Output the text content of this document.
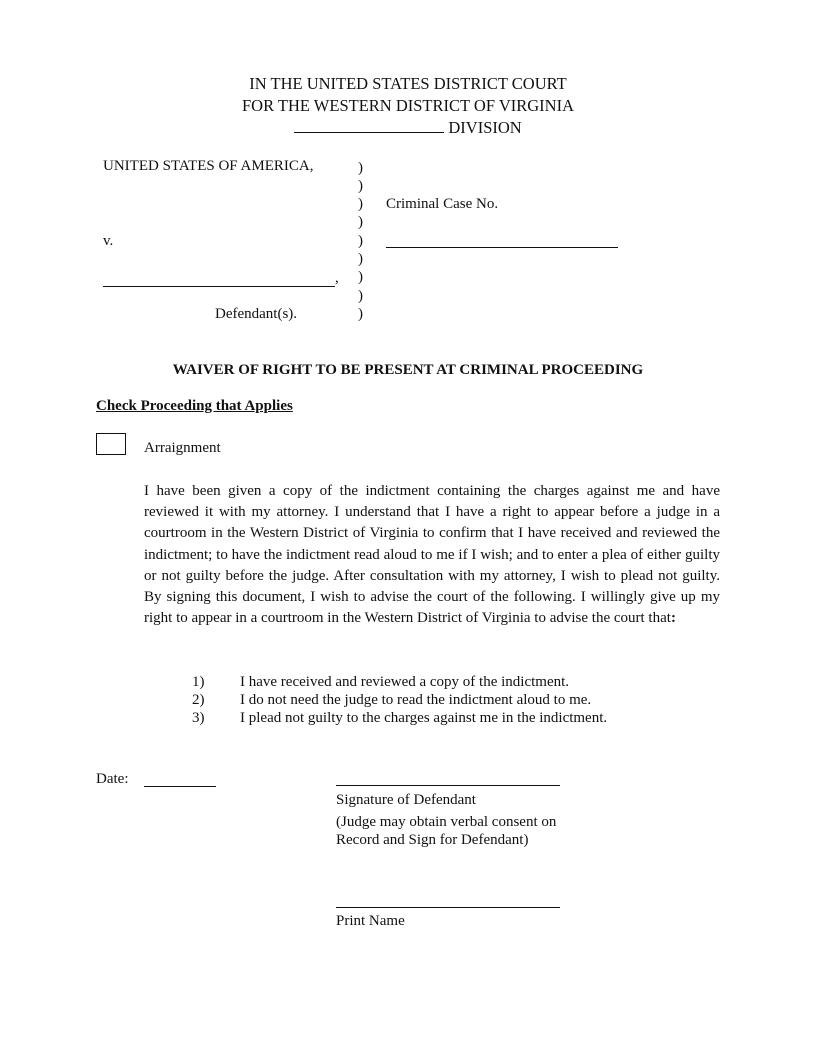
IN THE UNITED STATES DISTRICT COURT
FOR THE WESTERN DISTRICT OF VIRGINIA
DIVISION
UNITED STATES OF AMERICA,
v.
,
Defendant(s).
)
)
)
)
)
)
)
)
)
Criminal Case No.
WAIVER OF RIGHT TO BE PRESENT AT CRIMINAL PROCEEDING
Check Proceeding that Applies
Arraignment
I have been given a copy of the indictment containing the charges against me and have reviewed it with my attorney. I understand that I have a right to appear before a judge in a courtroom in the Western District of Virginia to confirm that I have received and reviewed the indictment; to have the indictment read aloud to me if I wish; and to enter a plea of either guilty or not guilty before the judge. After consultation with my attorney, I wish to plead not guilty. By signing this document, I wish to advise the court of the following. I willingly give up my right to appear in a courtroom in the Western District of Virginia to advise the court that:
1) I have received and reviewed a copy of the indictment.
2) I do not need the judge to read the indictment aloud to me.
3) I plead not guilty to the charges against me in the indictment.
Date:
Signature of Defendant
(Judge may obtain verbal consent on
Record and Sign for Defendant)
Print Name
